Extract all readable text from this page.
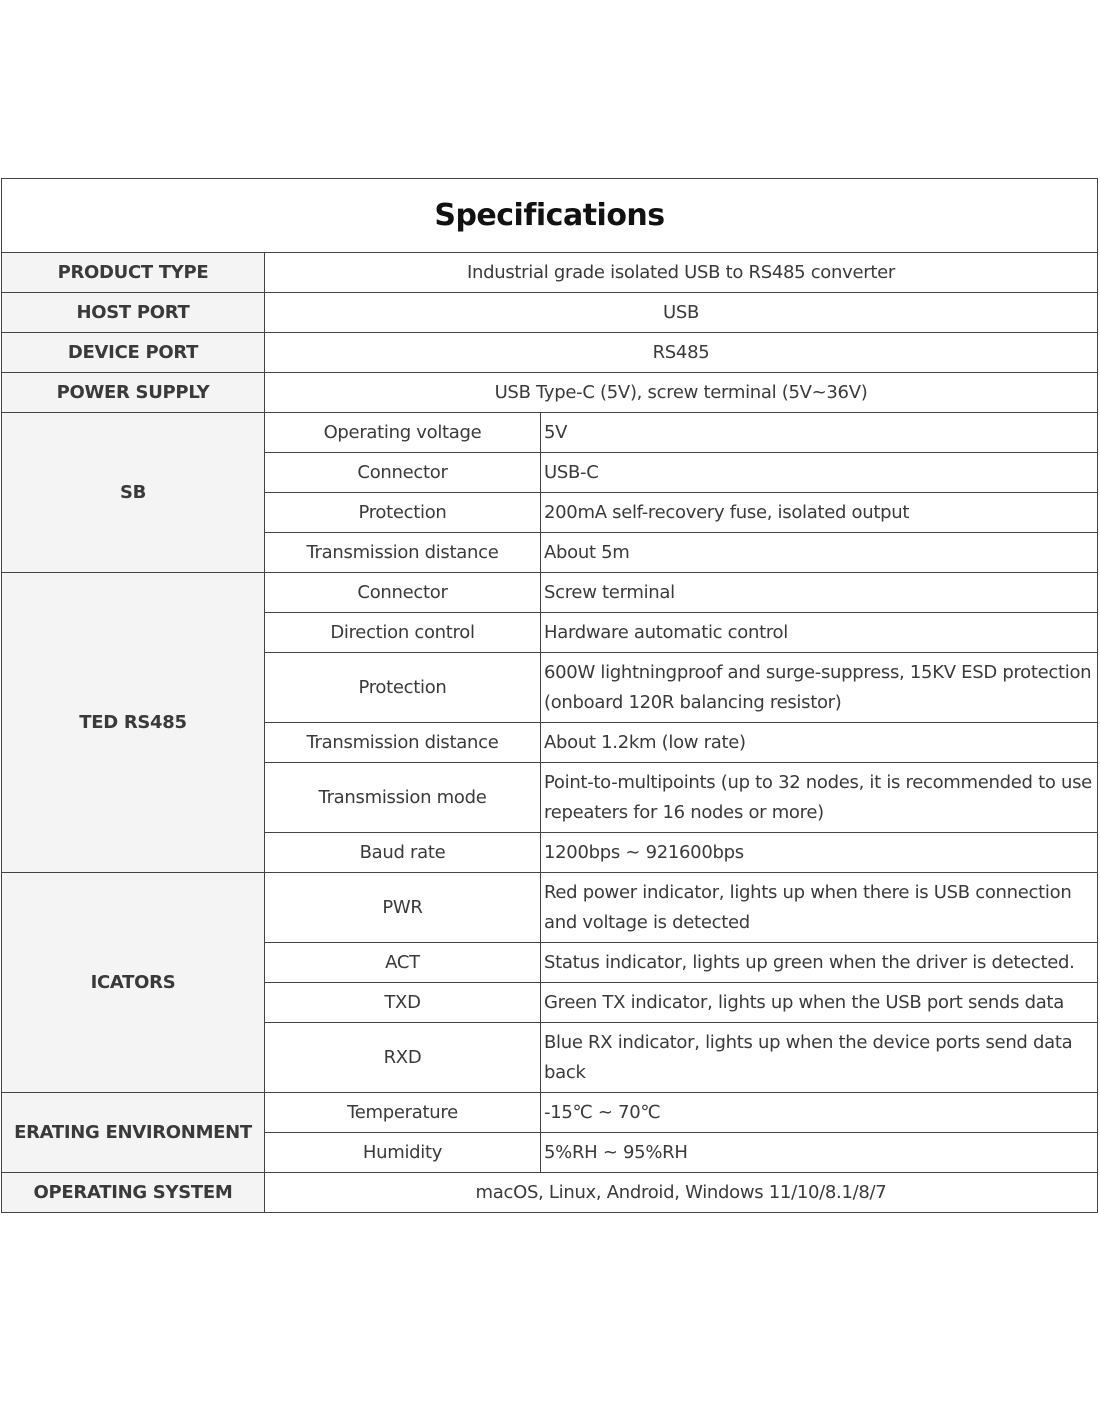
Specifications		
PRODUCT TYPE	Industrial grade isolated USB to RS485 converter	
HOST PORT	USB	
DEVICE PORT	RS485	
POWER SUPPLY	USB Type-C (5V), screw terminal (5V~36V)	
SB	Operating voltage	5V
	Connector	USB-C
	Protection	200mA self-recovery fuse, isolated output
	Transmission distance	About 5m
TED RS485	Connector	Screw terminal
	Direction control	Hardware automatic control
	Protection	600W lightningproof and surge-suppress, 15KV ESD protection (onboard 120R balancing resistor)
	Transmission distance	About 1.2km (low rate)
	Transmission mode	Point-to-multipoints (up to 32 nodes, it is recommended to use repeaters for 16 nodes or more)
	Baud rate	1200bps ~ 921600bps
ICATORS	PWR	Red power indicator, lights up when there is USB connection and voltage is detected
	ACT	Status indicator, lights up green when the driver is detected.
	TXD	Green TX indicator, lights up when the USB port sends data
	RXD	Blue RX indicator, lights up when the device ports send data back
ERATING ENVIRONMENT	Temperature	-15℃ ~ 70℃
	Humidity	5%RH ~ 95%RH
OPERATING SYSTEM	macOS, Linux, Android, Windows 11/10/8.1/8/7	
